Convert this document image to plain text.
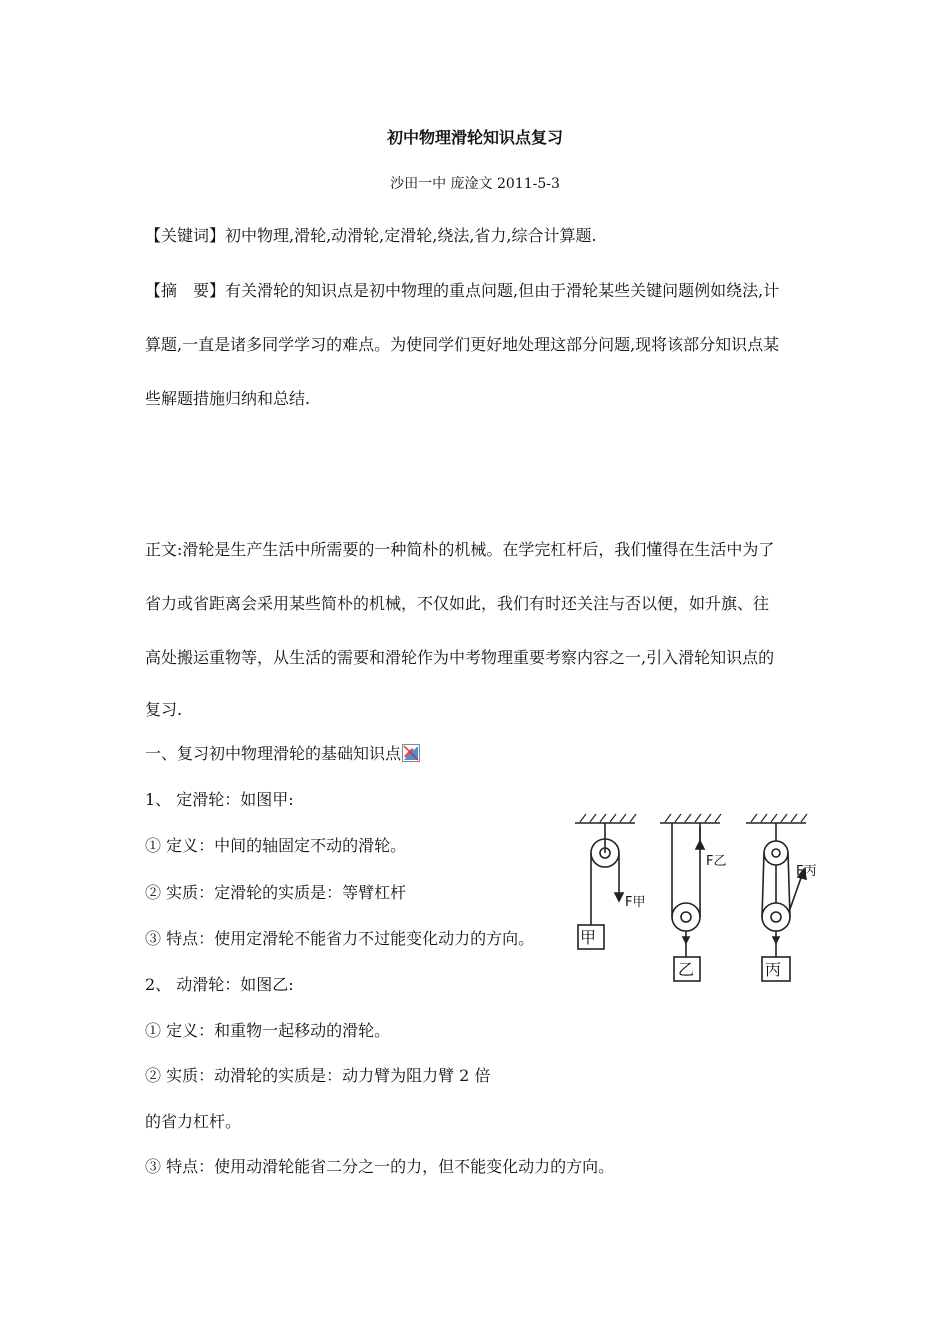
初中物理滑轮知识点复习
沙田一中 庞淦文 2011-5-3
【关键词】初中物理,滑轮,动滑轮,定滑轮,绕法,省力,综合计算题.
【摘　要】有关滑轮的知识点是初中物理的重点问题,但由于滑轮某些关键问题例如绕法,计
算题,一直是诸多同学学习的难点。为使同学们更好地处理这部分问题,现将该部分知识点某
些解题措施归纳和总结.
正文:滑轮是生产生活中所需要的一种简朴的机械。在学完杠杆后，我们懂得在生活中为了
省力或省距离会采用某些简朴的机械，不仅如此，我们有时还关注与否以便，如升旗、往
高处搬运重物等，从生活的需要和滑轮作为中考物理重要考察内容之一,引入滑轮知识点的
复习.
一、复习初中物理滑轮的基础知识点
1、 定滑轮：如图甲:
① 定义：中间的轴固定不动的滑轮。
② 实质：定滑轮的实质是：等臂杠杆
③ 特点：使用定滑轮不能省力不过能变化动力的方向。
2、 动滑轮：如图乙:
① 定义：和重物一起移动的滑轮。
② 实质：动滑轮的实质是：动力臂为阻力臂 2 倍
的省力杠杆。
③ 特点：使用动滑轮能省二分之一的力，但不能变化动力的方向。
甲
乙	丙
F甲
F乙
F丙
